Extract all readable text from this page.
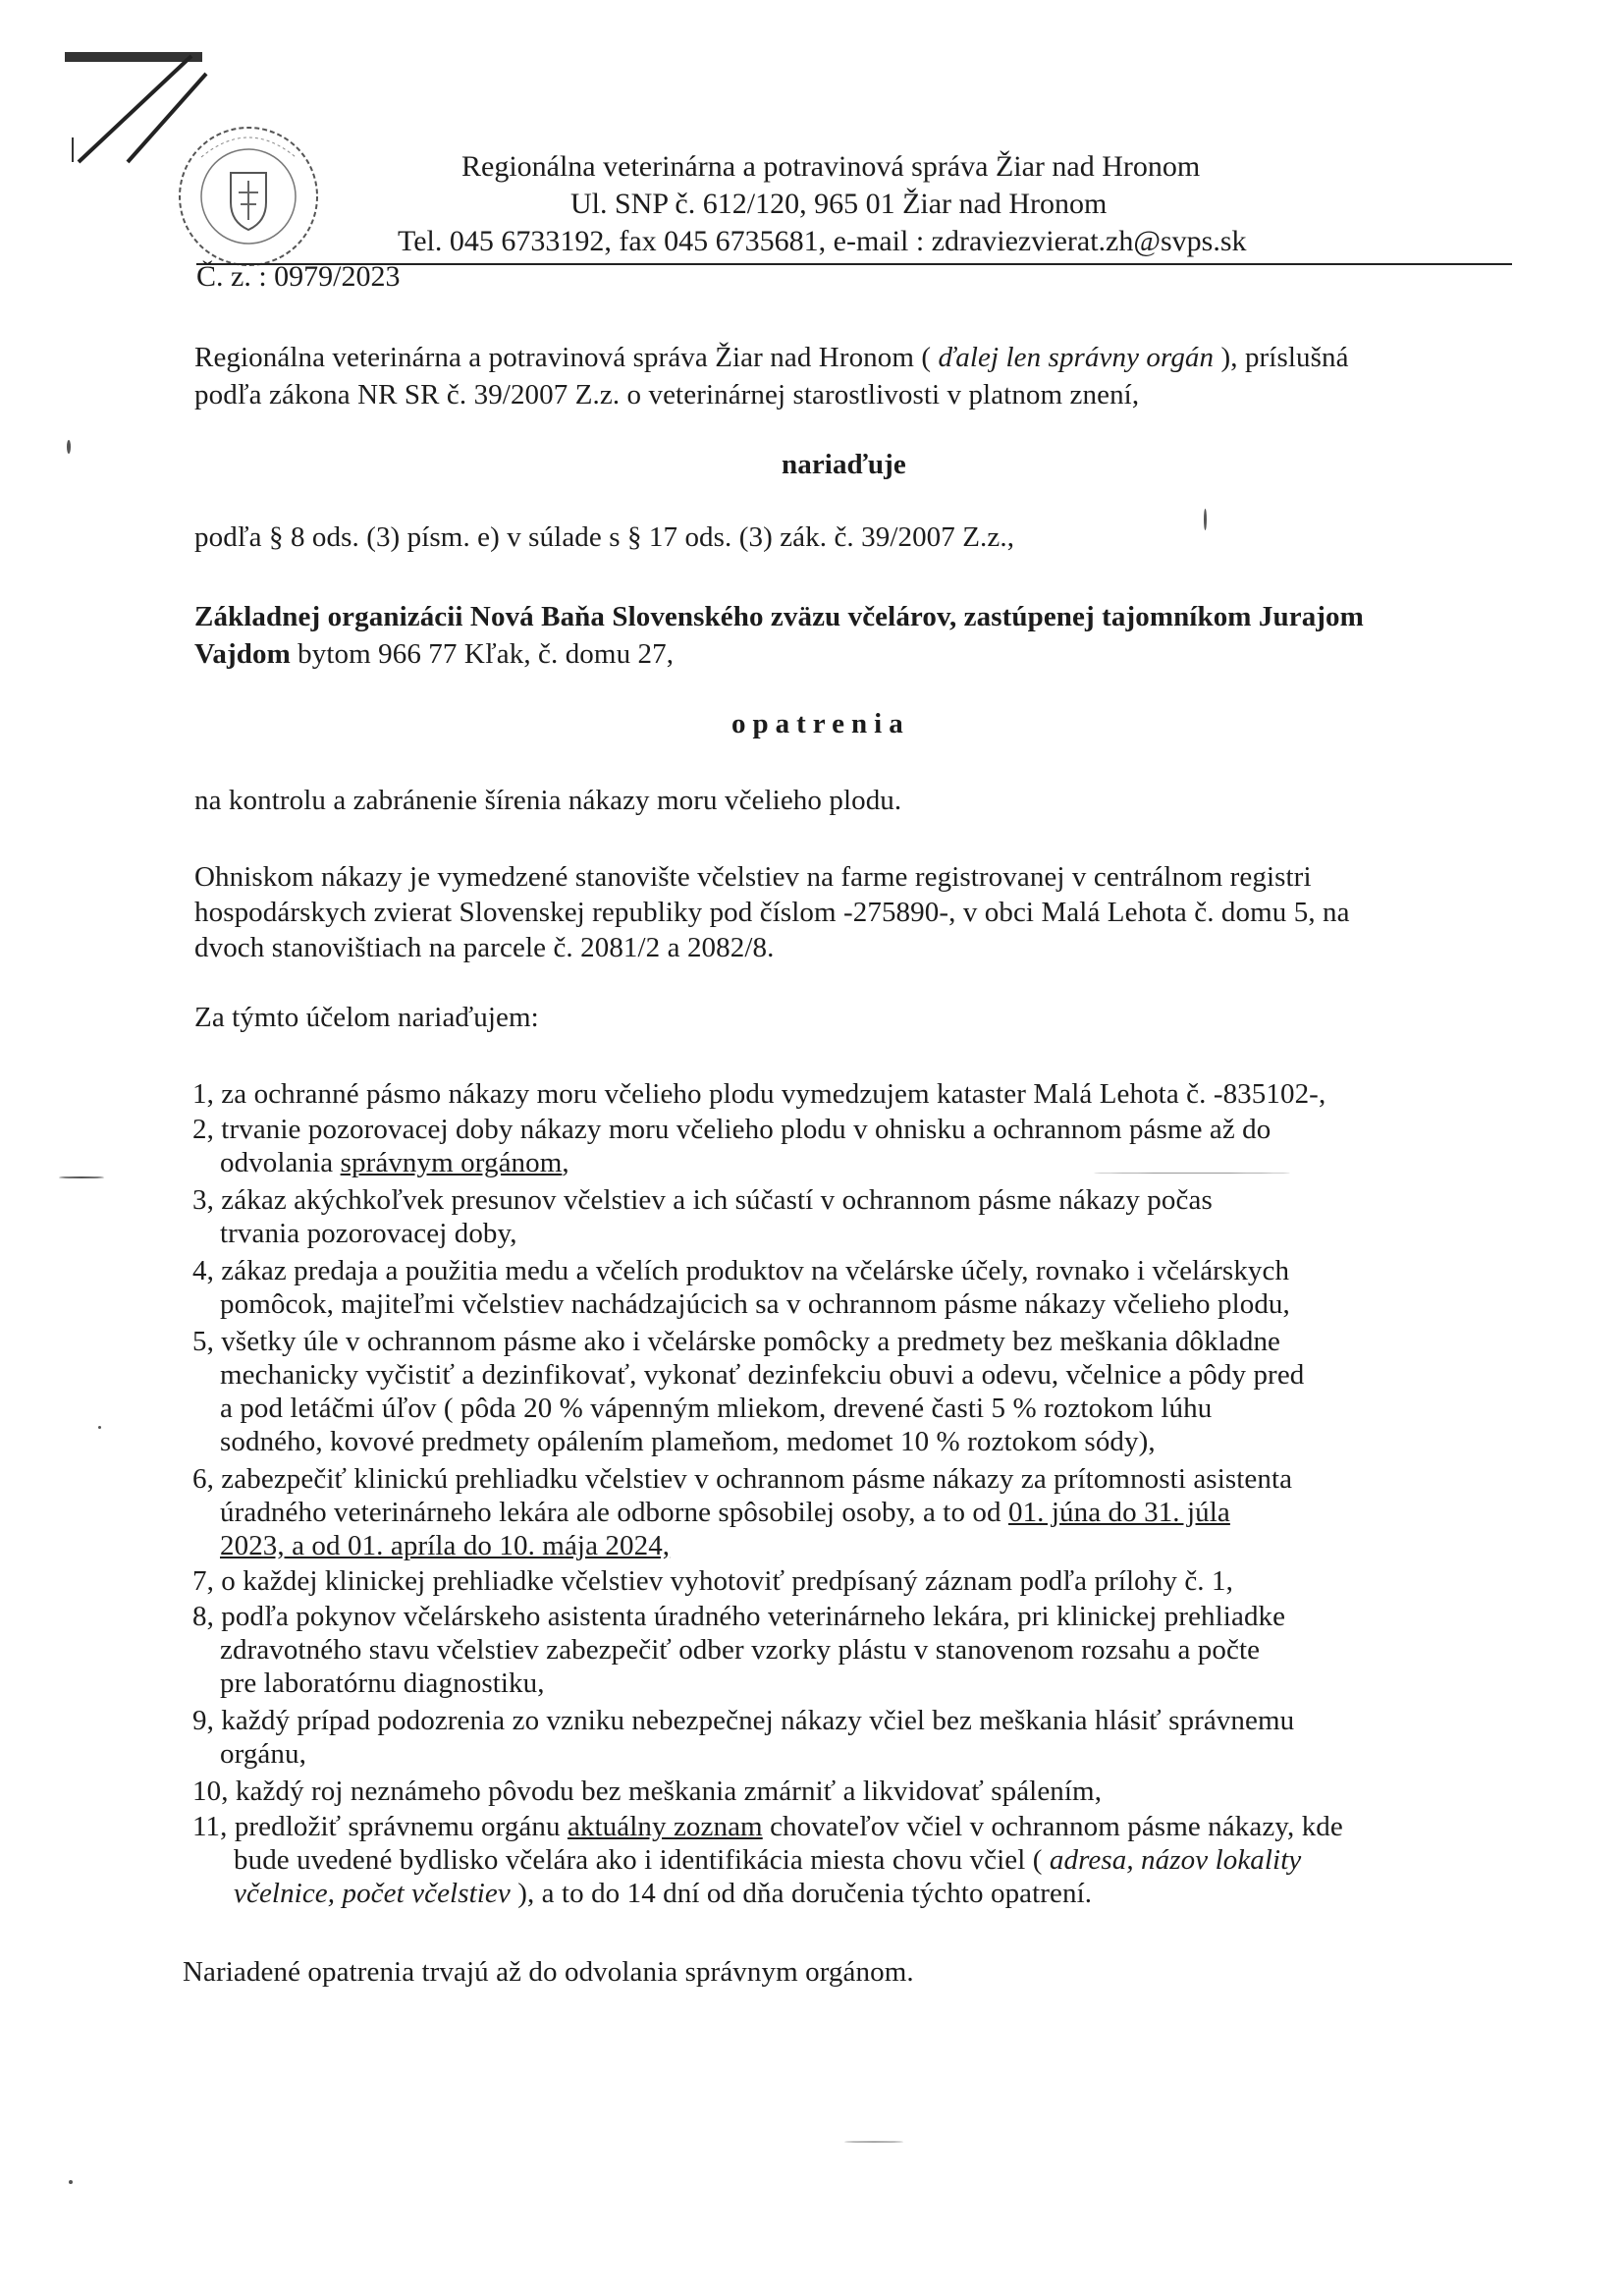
Regionálna veterinárna a potravinová správa Žiar nad Hronom
Ul. SNP č. 612/120, 965 01 Žiar nad Hronom
Tel. 045 6733192, fax 045 6735681, e-mail : zdraviezvierat.zh@svps.sk
Č. z. : 0979/2023
Regionálna veterinárna a potravinová správa Žiar nad Hronom ( ďalej len správny orgán ), príslušná
podľa zákona NR SR č. 39/2007 Z.z. o veterinárnej starostlivosti v platnom znení,
nariaďuje
podľa § 8 ods. (3) písm. e) v súlade s § 17 ods. (3) zák. č. 39/2007 Z.z.,
Základnej organizácii Nová Baňa Slovenského zväzu včelárov, zastúpenej tajomníkom Jurajom
Vajdom bytom 966 77 Kľak, č. domu 27,
opatrenia
na kontrolu a zabránenie šírenia nákazy moru včelieho plodu.
Ohniskom nákazy je vymedzené stanovište včelstiev na farme registrovanej v centrálnom registri
hospodárskych zvierat Slovenskej republiky pod číslom -275890-, v obci Malá Lehota č. domu 5, na
dvoch stanovištiach na parcele č. 2081/2 a 2082/8.
Za týmto účelom nariaďujem:
1, za ochranné pásmo nákazy moru včelieho plodu vymedzujem kataster Malá Lehota č. -835102-,
2, trvanie pozorovacej doby nákazy moru včelieho plodu v ohnisku a ochrannom pásme až do
odvolania správnym orgánom,
3, zákaz akýchkoľvek presunov včelstiev a ich súčastí v ochrannom pásme nákazy počas
trvania pozorovacej doby,
4, zákaz predaja a použitia medu a včelích produktov na včelárske účely, rovnako i včelárskych
pomôcok, majiteľmi včelstiev nachádzajúcich sa v ochrannom pásme nákazy včelieho plodu,
5, všetky úle v ochrannom pásme ako i včelárske pomôcky a predmety bez meškania dôkladne
mechanicky vyčistiť a dezinfikovať, vykonať dezinfekciu obuvi a odevu, včelnice a pôdy pred
a pod letáčmi úľov ( pôda 20 % vápenným mliekom, drevené časti 5 % roztokom lúhu
sodného, kovové predmety opálením plameňom, medomet 10 % roztokom sódy),
6, zabezpečiť klinickú prehliadku včelstiev v ochrannom pásme nákazy za prítomnosti asistenta
úradného veterinárneho lekára ale odborne spôsobilej osoby, a to od 01. júna do 31. júla
2023, a od 01. apríla do 10. mája 2024,
7, o každej klinickej prehliadke včelstiev vyhotoviť predpísaný záznam podľa prílohy č. 1,
8, podľa pokynov včelárskeho asistenta úradného veterinárneho lekára, pri klinickej prehliadke
zdravotného stavu včelstiev zabezpečiť odber vzorky plástu v stanovenom rozsahu a počte
pre laboratórnu diagnostiku,
9, každý prípad podozrenia zo vzniku nebezpečnej nákazy včiel bez meškania hlásiť správnemu
orgánu,
10, každý roj neznámeho pôvodu bez meškania zmárniť a likvidovať spálením,
11, predložiť správnemu orgánu aktuálny zoznam chovateľov včiel v ochrannom pásme nákazy, kde
bude uvedené bydlisko včelára ako i identifikácia miesta chovu včiel ( adresa, názov lokality
včelnice, počet včelstiev ), a to do 14 dní od dňa doručenia týchto opatrení.
Nariadené opatrenia trvajú až do odvolania správnym orgánom.
